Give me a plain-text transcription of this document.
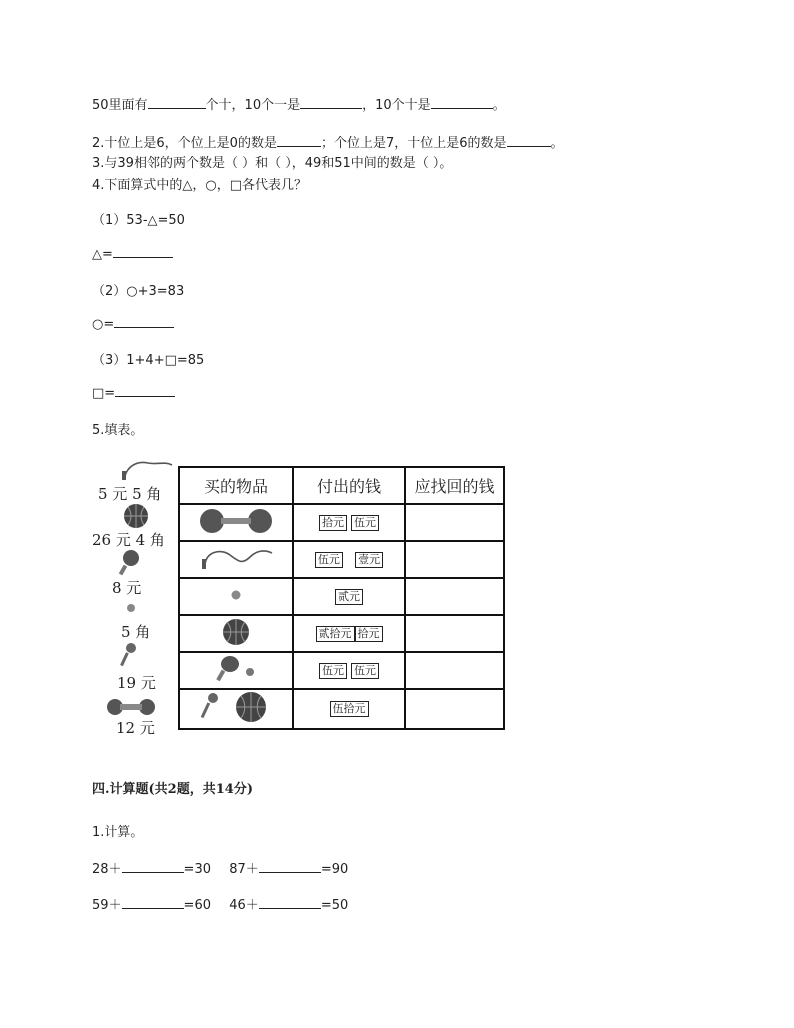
50里面有	个十，10个一是	，10个十是	。
2.十位上是6，个位上是0的数是	；个位上是7，十位上是6的数是	。
3.与39相邻的两个数是（ ）和（ ），49和51中间的数是（ ）。
4.下面算式中的△，○，□各代表几？
（1）53-△=50
△=
（2）○+3=83
○=
（3）1+4+□=85
□=
5.填表。
5 元 5 角
26 元 4 角
8 元
5 角
19 元
12 元
买的物品	付出的钱	应找回的钱
	拾元 伍元	
	伍元 壹元	
	贰元	
	贰拾元 拾元	
	伍元 伍元	
	伍拾元	
四.计算题(共2题，共14分)
1.计算。
28＋	=30 87＋	=90
59＋	=60 46＋	=50
